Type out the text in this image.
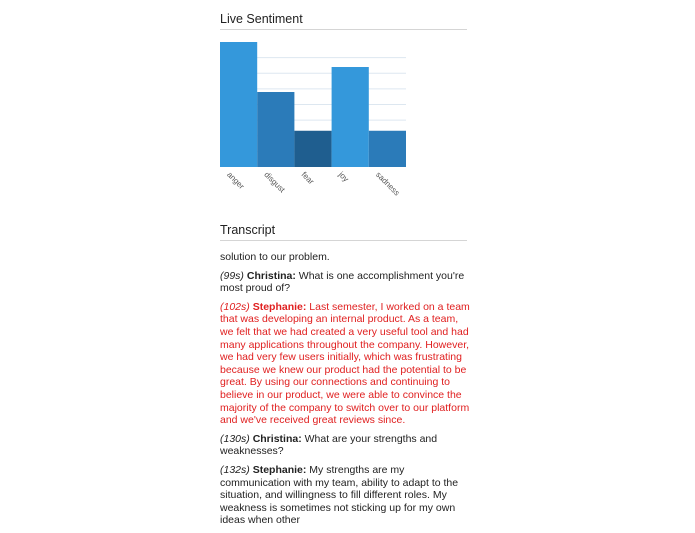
Live Sentiment
anger disgust fear	joy	sadness
Transcript

solution to our problem.

(99s) Christina: What is one accomplishment you're most proud of?

(102s) Stephanie: Last semester, I worked on a team that was developing an internal product. As a team, we felt that we had created a very useful tool and had many applications throughout the company. However, we had very few users initially, which was frustrating because we knew our product had the potential to be great. By using our connections and continuing to believe in our product, we were able to convince the majority of the company to switch over to our platform and we've received great reviews since.

(130s) Christina: What are your strengths and weaknesses?

(132s) Stephanie: My strengths are my communication with my team, ability to adapt to the situation, and willingness to fill different roles. My weakness is sometimes not sticking up for my own ideas when other
